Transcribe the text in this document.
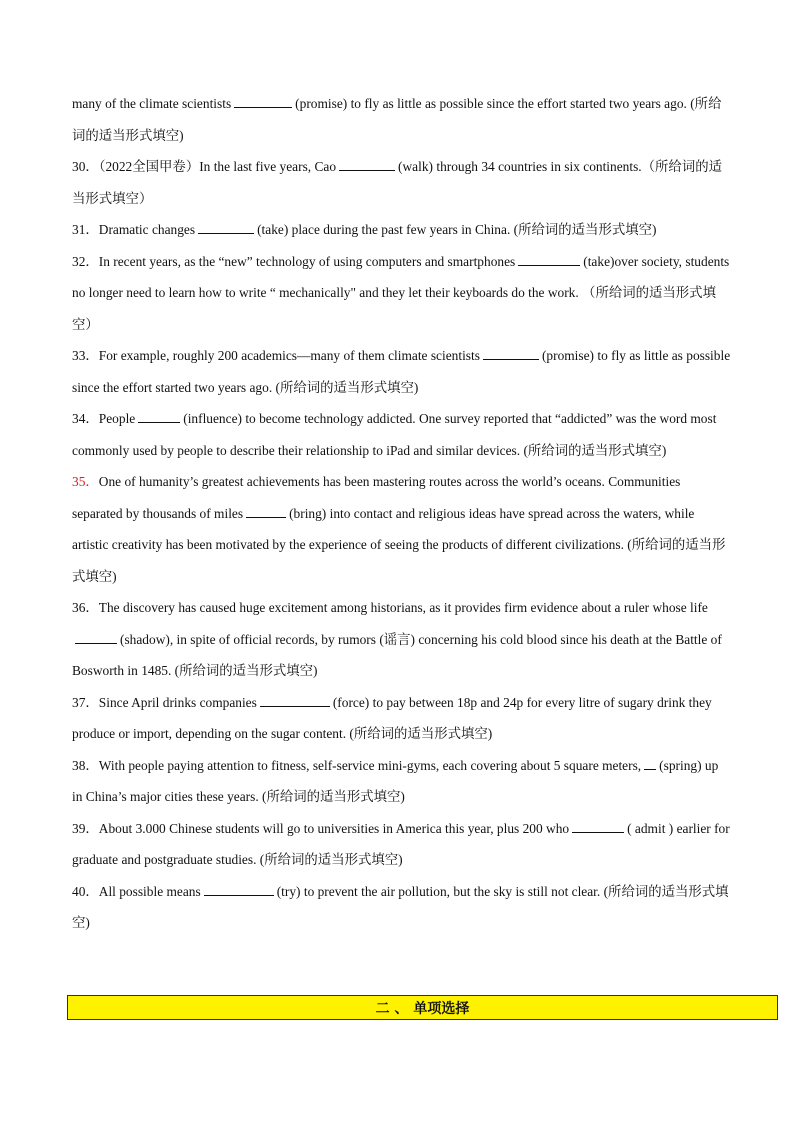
many of the climate scientists	(promise) to fly as little as possible since the effort started two years ago. (所给词的适当形式填空)

30．（2022全国甲卷）In the last five years, Cao	(walk) through 34 countries in six continents.（所给词的适当形式填空）

31．Dramatic changes	(take) place during the past few years in China. (所给词的适当形式填空)

32．In recent years, as the “new” technology of using computers and smartphones	(take)over society, students no longer need to learn how to write “ mechanically" and they let their keyboards do the work. （所给词的适当形式填空）

33．For example, roughly 200 academics—many of them climate scientists	(promise) to fly as little as possible since the effort started two years ago. (所给词的适当形式填空)

34．People	(influence) to become technology addicted. One survey reported that “addicted” was the word most commonly used by people to describe their relationship to iPad and similar devices. (所给词的适当形式填空)

35．One of humanity’s greatest achievements has been mastering routes across the world’s oceans. Communities separated by thousands of miles	(bring) into contact and religious ideas have spread across the waters, while artistic creativity has been motivated by the experience of seeing the products of different civilizations. (所给词的适当形式填空)

36．The discovery has caused huge excitement among historians, as it provides firm evidence about a ruler whose life(shadow), in spite of official records, by rumors (谣言) concerning his cold blood since his death at the Battle of Bosworth in 1485. (所给词的适当形式填空)

37．Since April drinks companies	(force) to pay between 18p and 24p for every litre of sugary drink they produce or import, depending on the sugar content. (所给词的适当形式填空)

38．With people paying attention to fitness, self-service mini-gyms, each covering about 5 square meters, (spring) up in China’s major cities these years. (所给词的适当形式填空)

39．About 3.000 Chinese students will go to universities in America this year, plus 200 who	( admit ) earlier for graduate and postgraduate studies. (所给词的适当形式填空)

40．All possible means	(try) to prevent the air pollution, but the sky is still not clear. (所给词的适当形式填空)

二 、 单项选择
